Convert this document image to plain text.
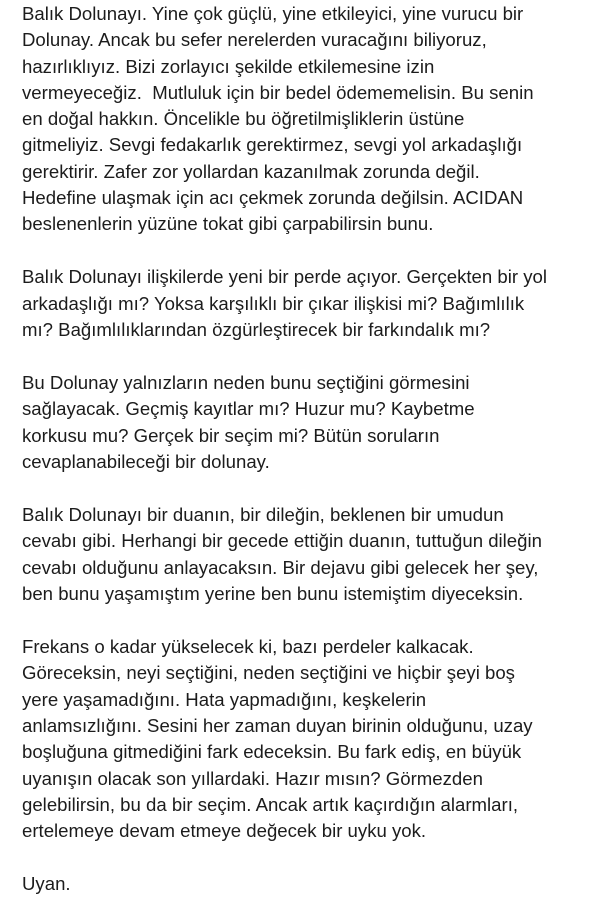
Balık Dolunayı. Yine çok güçlü, yine etkileyici, yine vurucu bir
Dolunay. Ancak bu sefer nerelerden vuracağını biliyoruz,
hazırlıklıyız. Bizi zorlayıcı şekilde etkilemesine izin
vermeyeceğiz.  Mutluluk için bir bedel ödememelisin. Bu senin
en doğal hakkın. Öncelikle bu öğretilmişliklerin üstüne
gitmeliyiz. Sevgi fedakarlık gerektirmez, sevgi yol arkadaşlığı
gerektirir. Zafer zor yollardan kazanılmak zorunda değil.
Hedefine ulaşmak için acı çekmek zorunda değilsin. ACIDAN
beslenenlerin yüzüne tokat gibi çarpabilirsin bunu.

Balık Dolunayı ilişkilerde yeni bir perde açıyor. Gerçekten bir yol
arkadaşlığı mı? Yoksa karşılıklı bir çıkar ilişkisi mi? Bağımlılık
mı? Bağımlılıklarından özgürleştirecek bir farkındalık mı?

Bu Dolunay yalnızların neden bunu seçtiğini görmesini
sağlayacak. Geçmiş kayıtlar mı? Huzur mu? Kaybetme
korkusu mu? Gerçek bir seçim mi? Bütün soruların
cevaplanabileceği bir dolunay.

Balık Dolunayı bir duanın, bir dileğin, beklenen bir umudun
cevabı gibi. Herhangi bir gecede ettiğin duanın, tuttuğun dileğin
cevabı olduğunu anlayacaksın. Bir dejavu gibi gelecek her şey,
ben bunu yaşamıştım yerine ben bunu istemiştim diyeceksin.

Frekans o kadar yükselecek ki, bazı perdeler kalkacak.
Göreceksin, neyi seçtiğini, neden seçtiğini ve hiçbir şeyi boş
yere yaşamadığını. Hata yapmadığını, keşkelerin
anlamsızlığını. Sesini her zaman duyan birinin olduğunu, uzay
boşluğuna gitmediğini fark edeceksin. Bu fark ediş, en büyük
uyanışın olacak son yıllardaki. Hazır mısın? Görmezden
gelebilirsin, bu da bir seçim. Ancak artık kaçırdığın alarmları,
ertelemeye devam etmeye değecek bir uyku yok.

Uyan.
